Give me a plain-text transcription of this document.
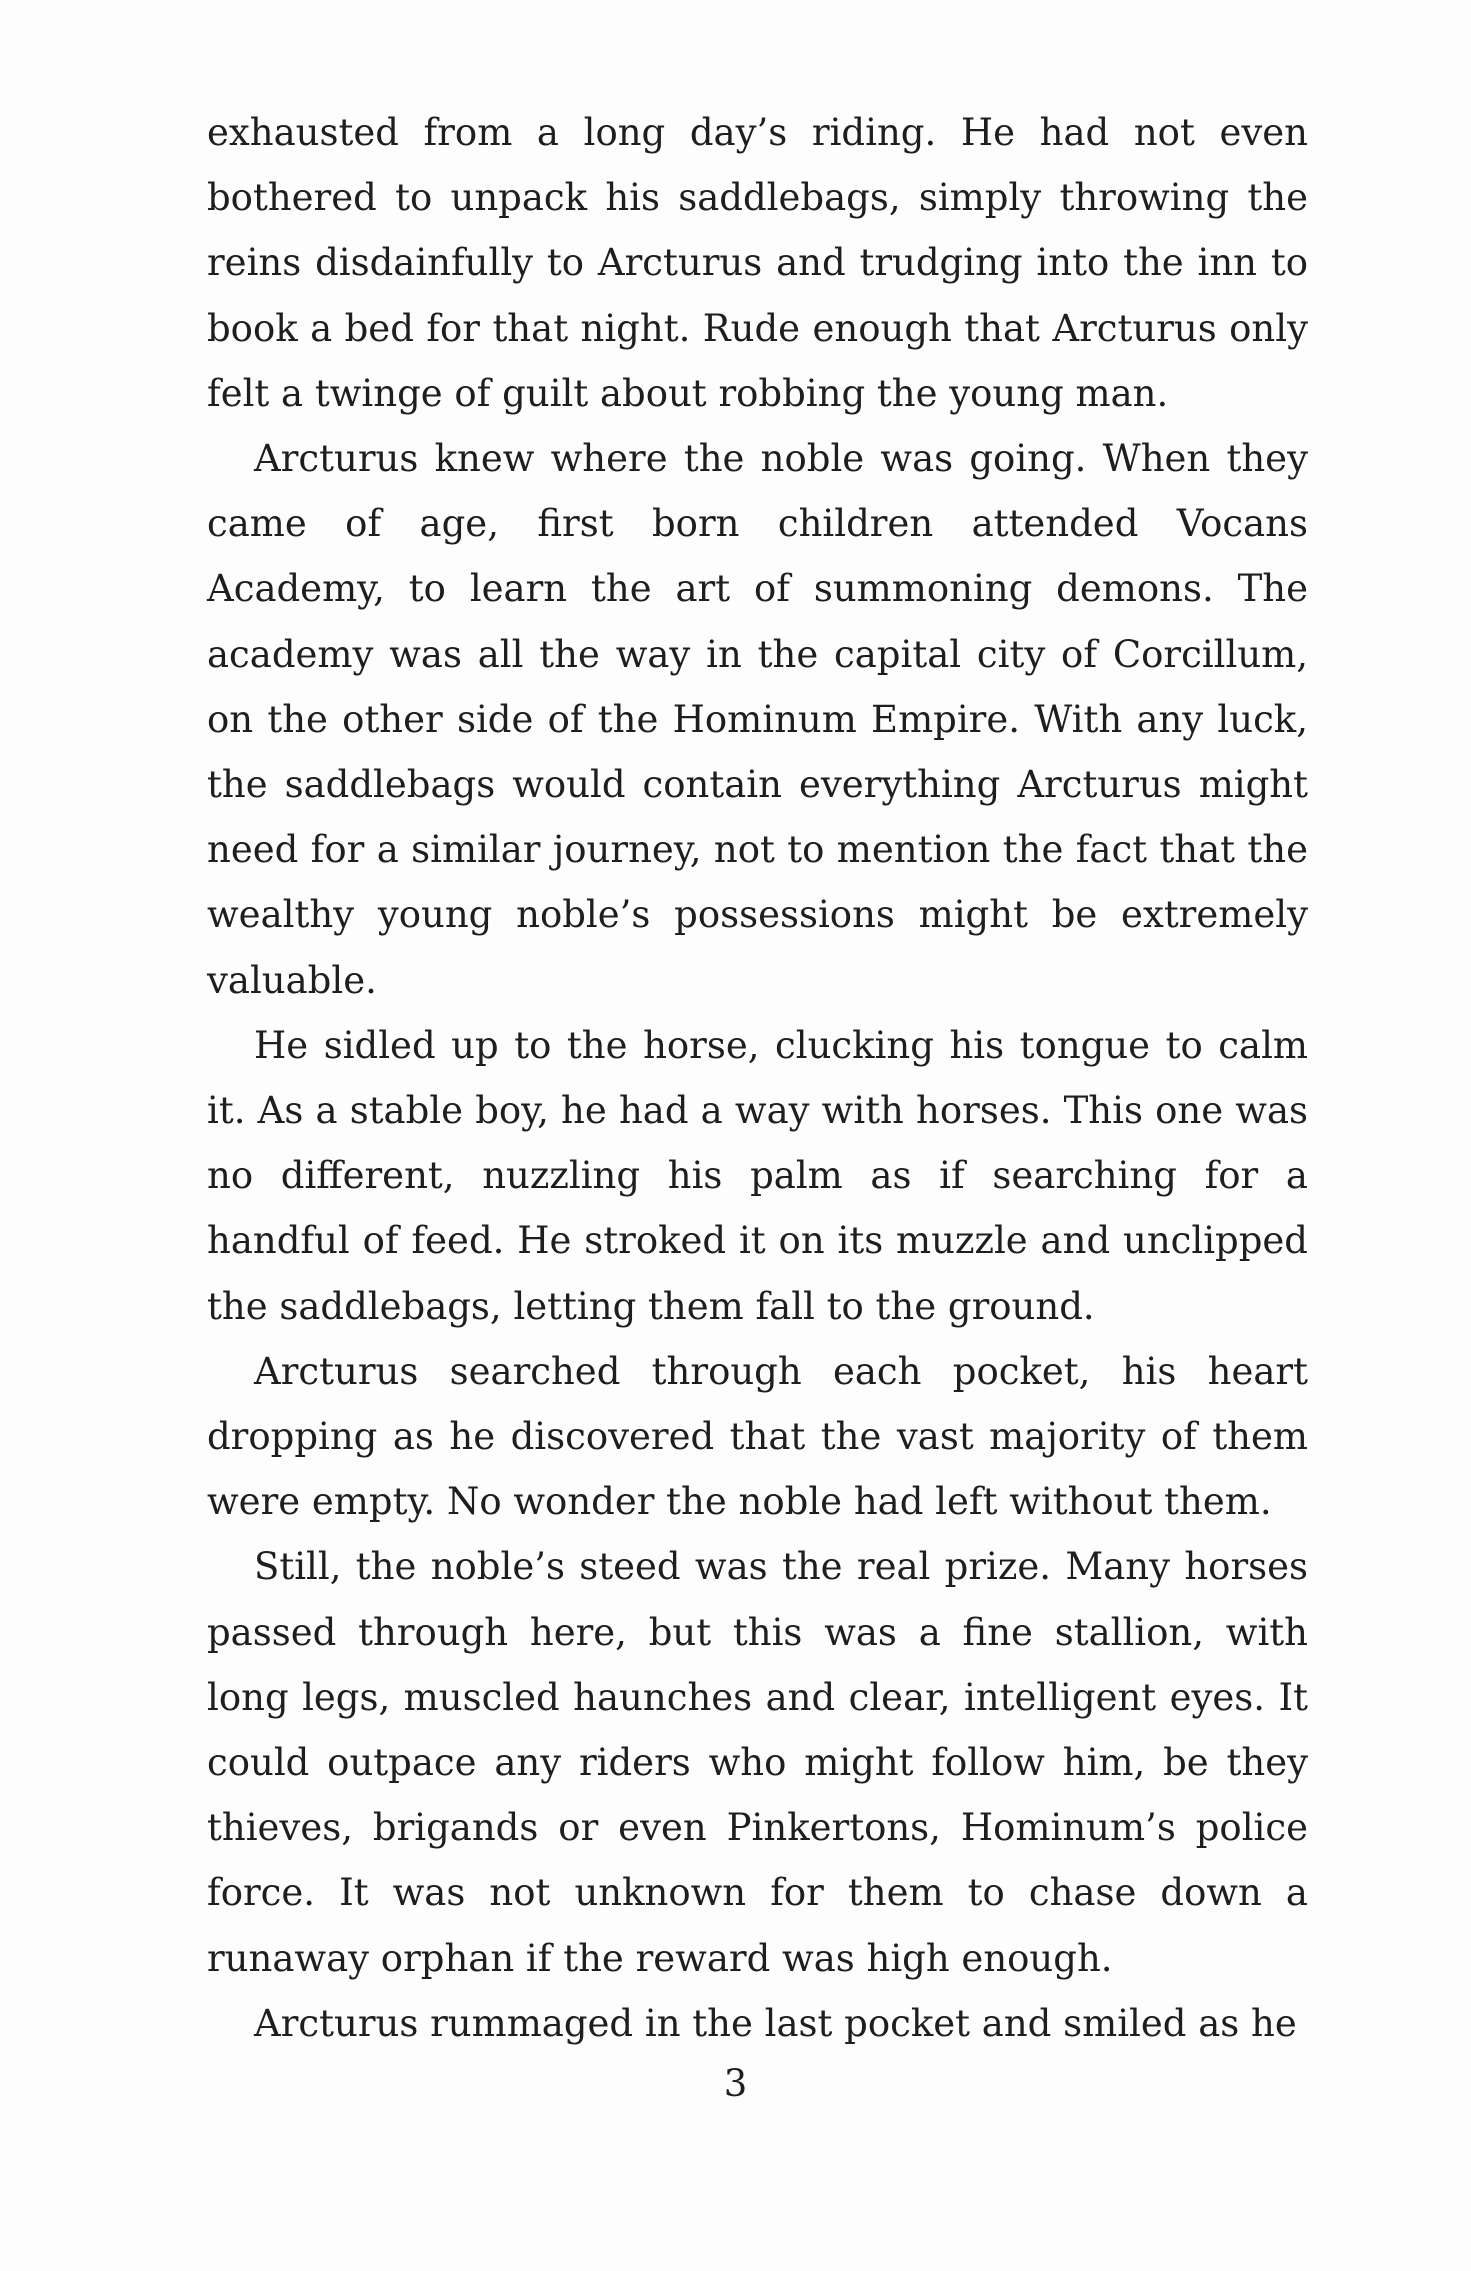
exhausted from a long day’s riding. He had not even bothered to unpack his saddlebags, simply throwing the reins disdainfully to Arcturus and trudging into the inn to book a bed for that night. Rude enough that Arcturus only felt a twinge of guilt about robbing the young man.

Arcturus knew where the noble was going. When they came of age, first born children attended Vocans Academy, to learn the art of summoning demons. The academy was all the way in the capital city of Corcillum, on the other side of the Hominum Empire. With any luck, the saddlebags would contain everything Arcturus might need for a similar journey, not to mention the fact that the wealthy young noble’s possessions might be extremely valuable.

He sidled up to the horse, clucking his tongue to calm it. As a stable boy, he had a way with horses. This one was no different, nuzzling his palm as if searching for a handful of feed. He stroked it on its muzzle and unclipped the saddlebags, letting them fall to the ground.

Arcturus searched through each pocket, his heart dropping as he discovered that the vast majority of them were empty. No wonder the noble had left without them.

Still, the noble’s steed was the real prize. Many horses passed through here, but this was a fine stallion, with long legs, muscled haunches and clear, intelligent eyes. It could outpace any riders who might follow him, be they thieves, brigands or even Pinkertons, Hominum’s police force. It was not unknown for them to chase down a runaway orphan if the reward was high enough.

Arcturus rummaged in the last pocket and smiled as he

3
